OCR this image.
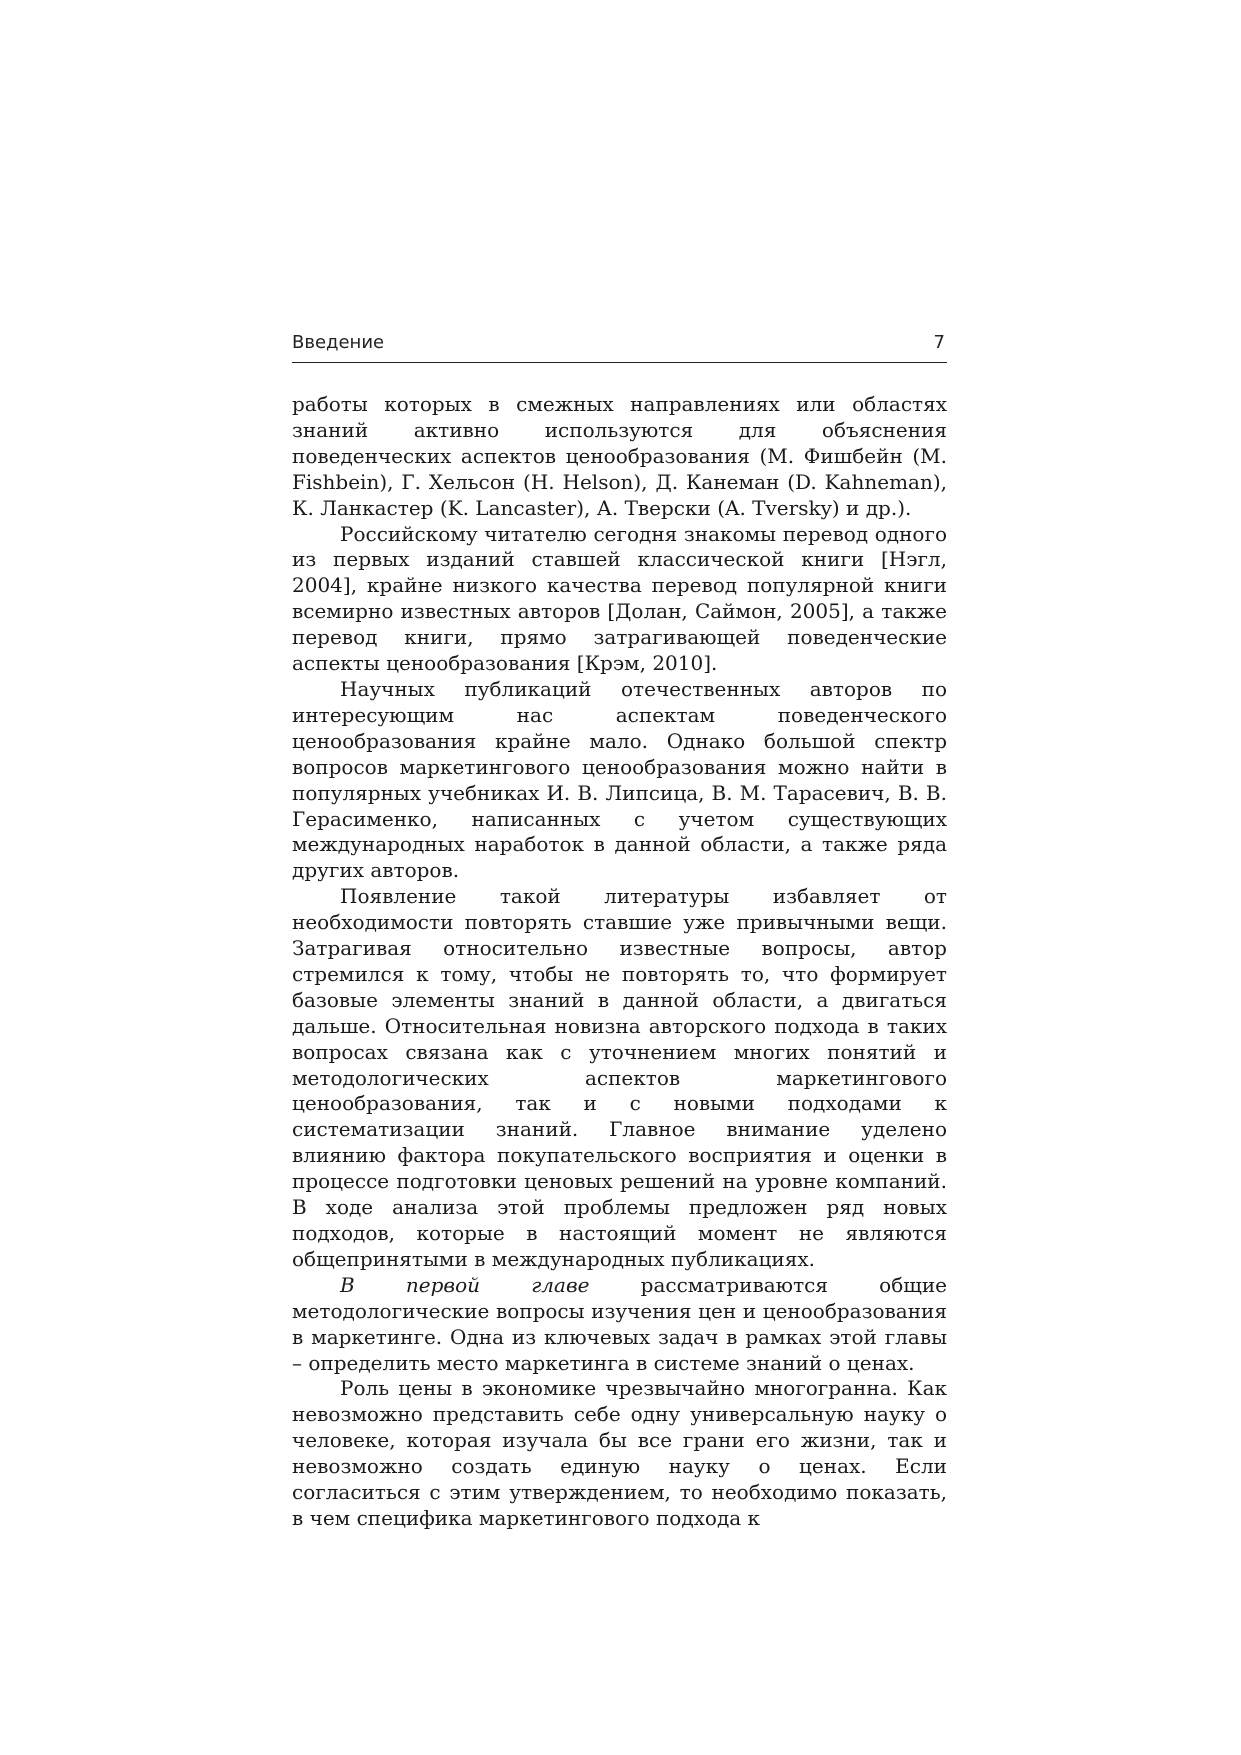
Введение	7

работы которых в смежных направлениях или областях знаний активно используются для объяснения поведенческих аспектов ценообразования (М. Фишбейн (M. Fishbein), Г. Хельсон (H. Helson), Д. Канеман (D. Kahneman), К. Ланкастер (K. Lancaster), А. Тверски (A. Tversky) и др.).

Российскому читателю сегодня знакомы перевод одного из первых изданий ставшей классической книги [Нэгл, 2004], крайне низкого качества перевод популярной книги всемирно известных авторов [Долан, Саймон, 2005], а также перевод книги, прямо затрагивающей поведенческие аспекты ценообразования [Крэм, 2010].

Научных публикаций отечественных авторов по интересующим нас аспектам поведенческого ценообразования крайне мало. Однако большой спектр вопросов маркетингового ценообразования можно найти в популярных учебниках И. В. Липсица, В. М. Тарасевич, В. В. Герасименко, написанных с учетом существующих международных наработок в данной области, а также ряда других авторов.

Появление такой литературы избавляет от необходимости повторять ставшие уже привычными вещи. Затрагивая относительно известные вопросы, автор стремился к тому, чтобы не повторять то, что формирует базовые элементы знаний в данной области, а двигаться дальше. Относительная новизна авторского подхода в таких вопросах связана как с уточнением многих понятий и методологических аспектов маркетингового ценообразования, так и с новыми подходами к систематизации знаний. Главное внимание уделено влиянию фактора покупательского восприятия и оценки в процессе подготовки ценовых решений на уровне компаний. В ходе анализа этой проблемы предложен ряд новых подходов, которые в настоящий момент не являются общепринятыми в международных публикациях.

В первой главе рассматриваются общие методологические вопросы изучения цен и ценообразования в маркетинге. Одна из ключевых задач в рамках этой главы – определить место маркетинга в системе знаний о ценах.

Роль цены в экономике чрезвычайно многогранна. Как невозможно представить себе одну универсальную науку о человеке, которая изучала бы все грани его жизни, так и невозможно создать единую науку о ценах. Если согласиться с этим утверждением, то необходимо показать, в чем специфика маркетингового подхода к
